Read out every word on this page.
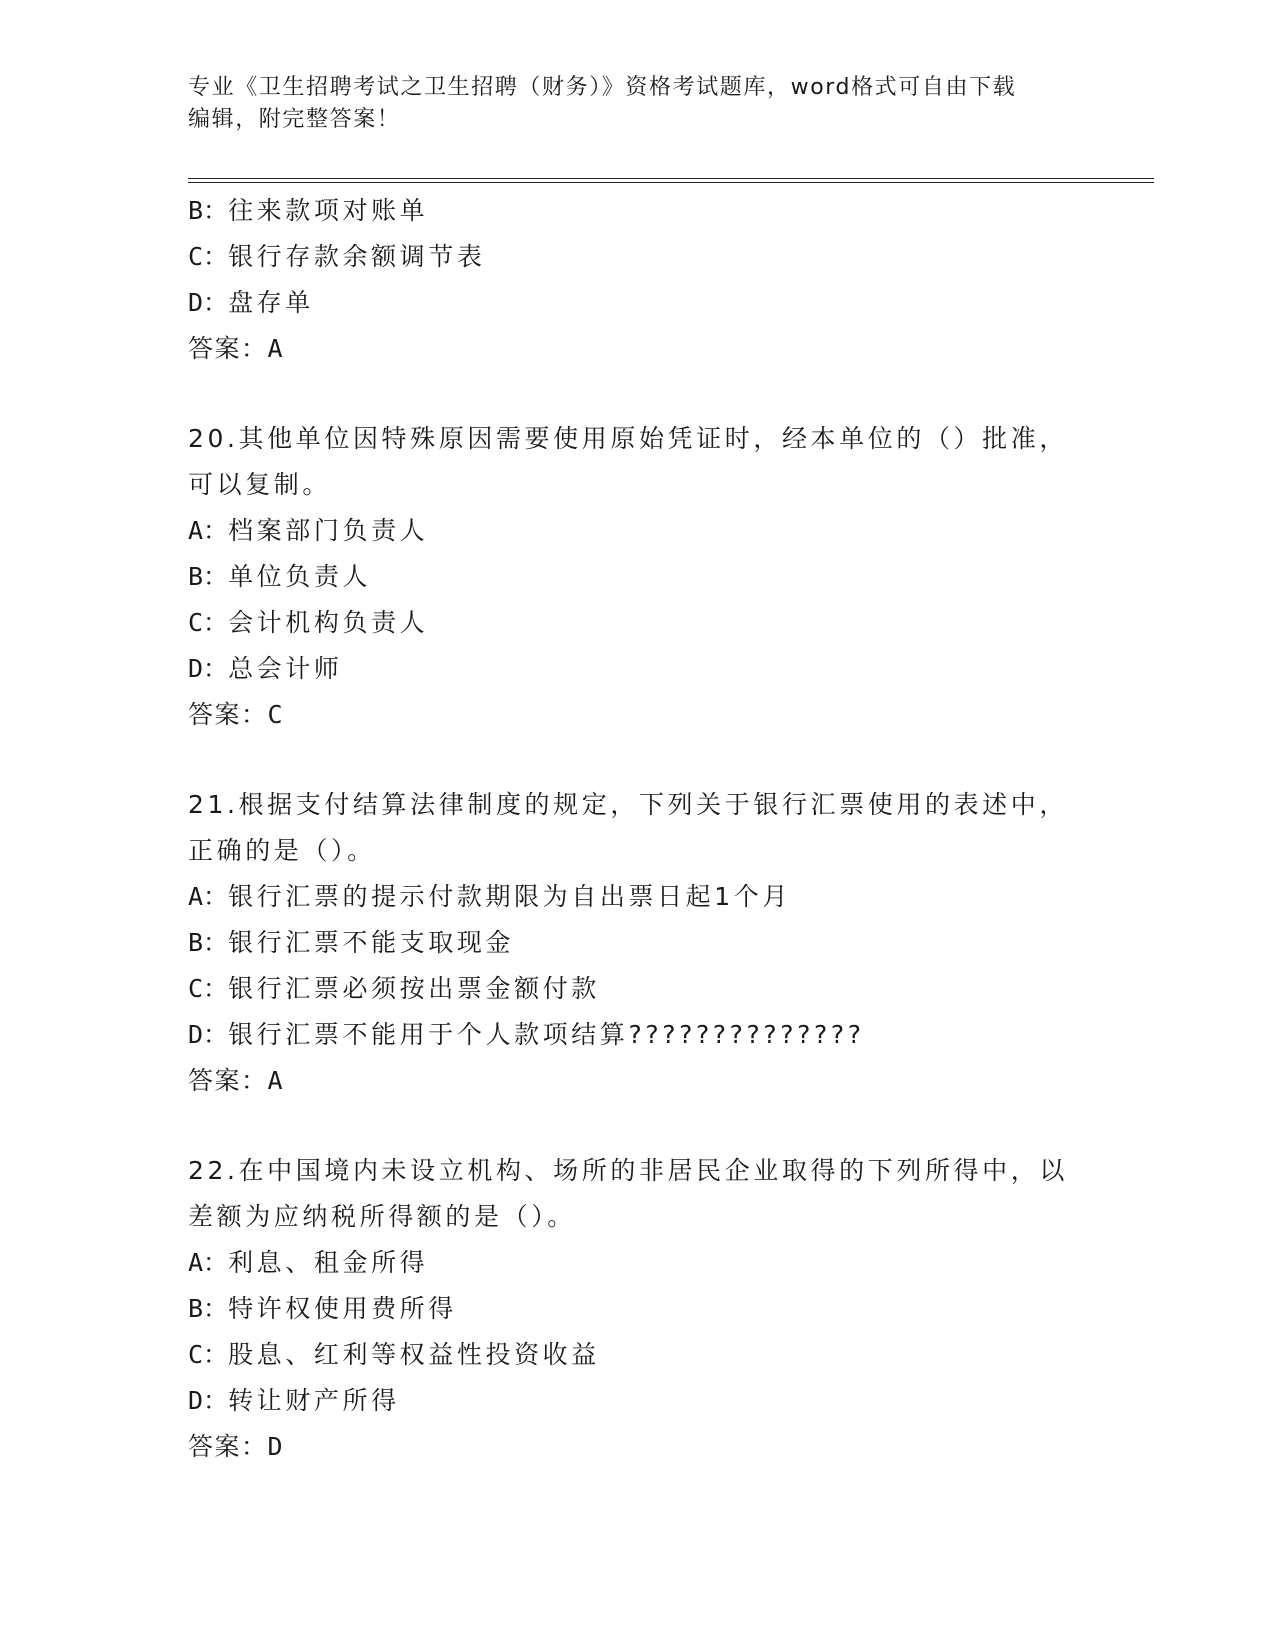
专业《卫生招聘考试之卫生招聘（财务）》资格考试题库，word格式可自由下载
编辑，附完整答案！
B：往来款项对账单
C：银行存款余额调节表
D：盘存单
答案：A
20.其他单位因特殊原因需要使用原始凭证时，经本单位的（）批准，
可以复制。
A：档案部门负责人
B：单位负责人
C：会计机构负责人
D：总会计师
答案：C
21.根据支付结算法律制度的规定，下列关于银行汇票使用的表述中，
正确的是（）。
A：银行汇票的提示付款期限为自出票日起1个月
B：银行汇票不能支取现金
C：银行汇票必须按出票金额付款
D：银行汇票不能用于个人款项结算??????????????
答案：A
22.在中国境内未设立机构、场所的非居民企业取得的下列所得中，以
差额为应纳税所得额的是（）。
A：利息、租金所得
B：特许权使用费所得
C：股息、红利等权益性投资收益
D：转让财产所得
答案：D
